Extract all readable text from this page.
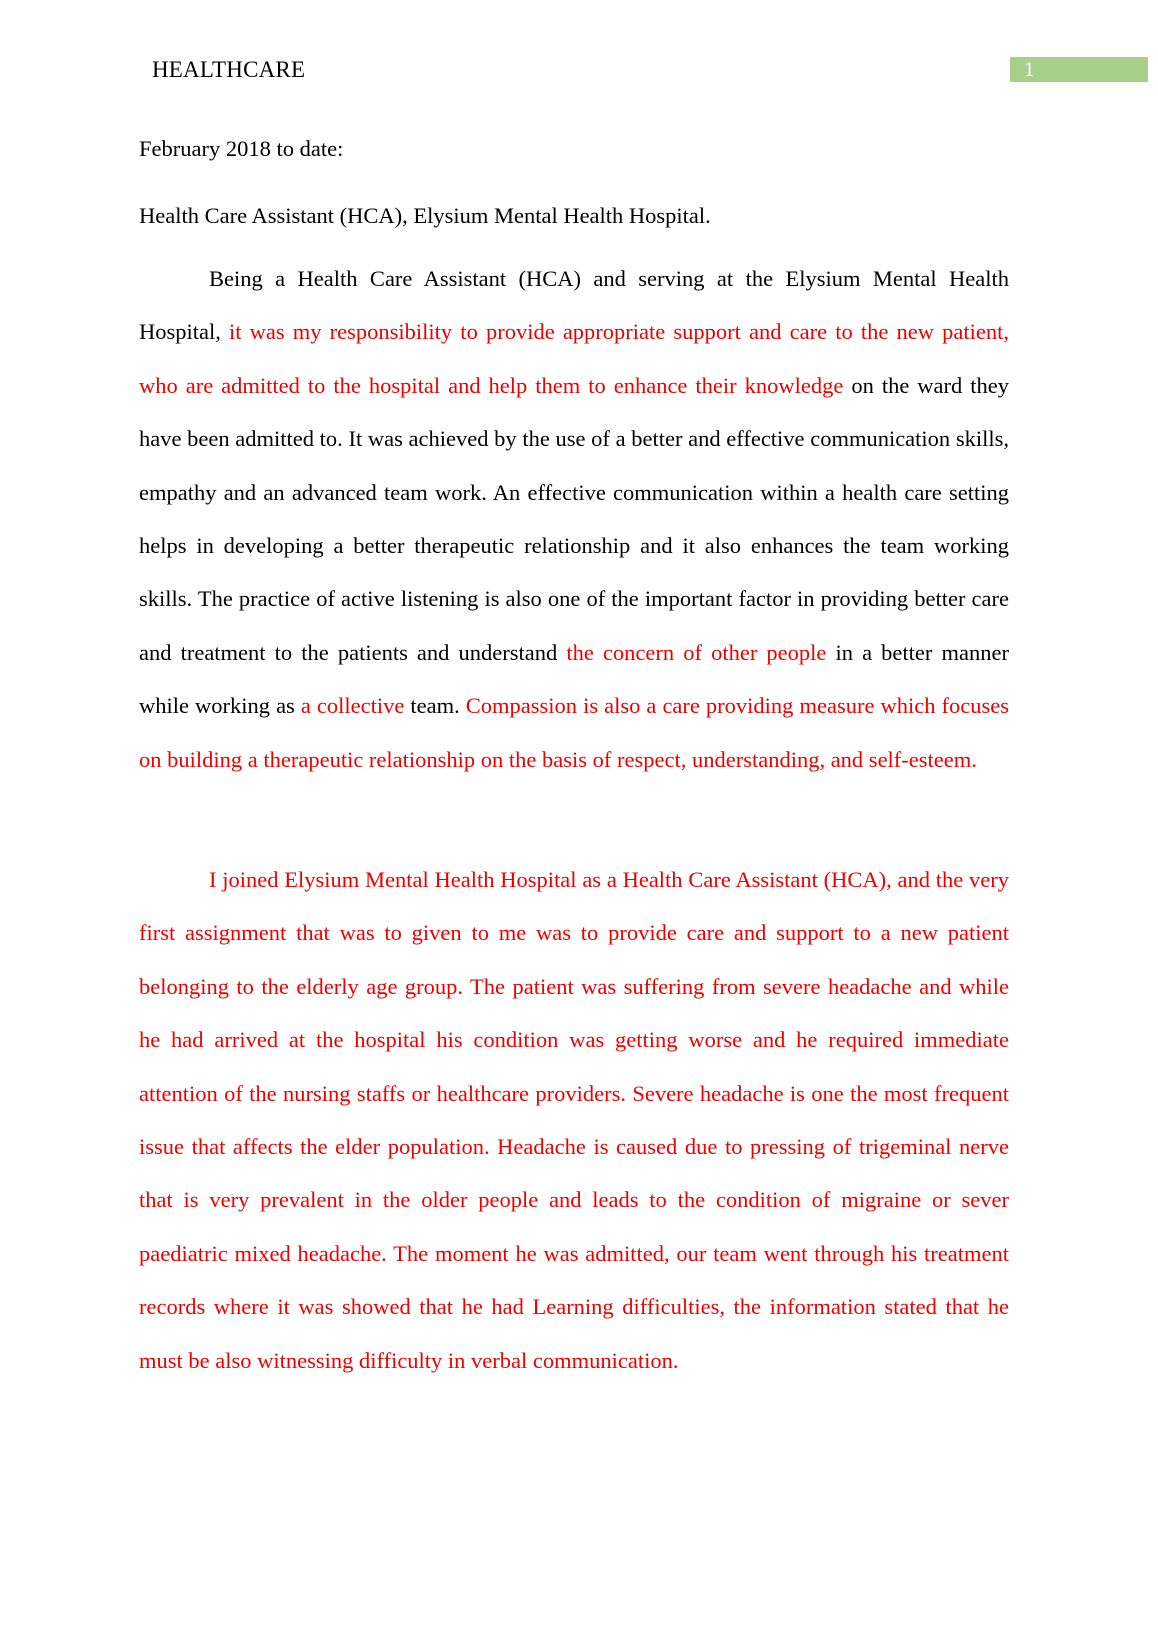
HEALTHCARE	1
February 2018 to date:
Health Care Assistant (HCA), Elysium Mental Health Hospital.
Being a Health Care Assistant (HCA) and serving at the Elysium Mental Health Hospital, it was my responsibility to provide appropriate support and care to the new patient, who are admitted to the hospital and help them to enhance their knowledge on the ward they have been admitted to. It was achieved by the use of a better and effective communication skills, empathy and an advanced team work. An effective communication within a health care setting helps in developing a better therapeutic relationship and it also enhances the team working skills. The practice of active listening is also one of the important factor in providing better care and treatment to the patients and understand the concern of other people in a better manner while working as a collective team. Compassion is also a care providing measure which focuses on building a therapeutic relationship on the basis of respect, understanding, and self-esteem.
I joined Elysium Mental Health Hospital as a Health Care Assistant (HCA), and the very first assignment that was to given to me was to provide care and support to a new patient belonging to the elderly age group. The patient was suffering from severe headache and while he had arrived at the hospital his condition was getting worse and he required immediate attention of the nursing staffs or healthcare providers. Severe headache is one the most frequent issue that affects the elder population. Headache is caused due to pressing of trigeminal nerve that is very prevalent in the older people and leads to the condition of migraine or sever paediatric mixed headache. The moment he was admitted, our team went through his treatment records where it was showed that he had Learning difficulties, the information stated that he must be also witnessing difficulty in verbal communication.
